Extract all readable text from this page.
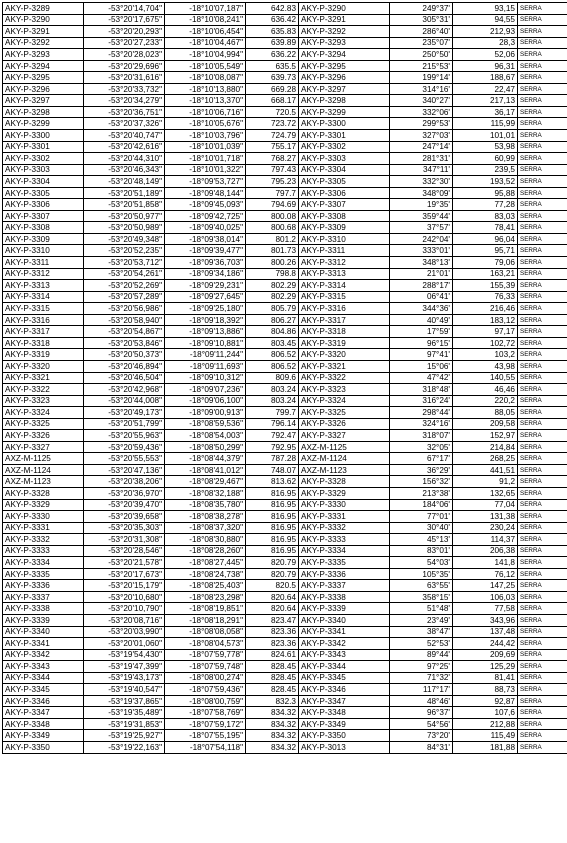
AKY-P-3289	-53°20'14,704"	-18°10'07,187"	642.83	AKY-P-3290	249°37'	93,15	SERRA
AKY-P-3290	-53°20'17,675"	-18°10'08,241"	636.42	AKY-P-3291	305°31'	94,55	SERRA
AKY-P-3291	-53°20'20,293"	-18°10'06,454"	635.83	AKY-P-3292	286°40'	212,93	SERRA
AKY-P-3292	-53°20'27,233"	-18°10'04,467"	639.89	AKY-P-3293	235°07'	28,3	SERRA
AKY-P-3293	-53°20'28,023"	-18°10'04,994"	636.22	AKY-P-3294	250°50'	52,06	SERRA
AKY-P-3294	-53°20'29,696"	-18°10'05,549"	635.5	AKY-P-3295	215°53'	96,31	SERRA
AKY-P-3295	-53°20'31,616"	-18°10'08,087"	639.73	AKY-P-3296	199°14'	188,67	SERRA
AKY-P-3296	-53°20'33,732"	-18°10'13,880"	669.28	AKY-P-3297	314°16'	22,47	SERRA
AKY-P-3297	-53°20'34,279"	-18°10'13,370"	668.17	AKY-P-3298	340°27'	217,13	SERRA
AKY-P-3298	-53°20'36,751"	-18°10'06,716"	720.5	AKY-P-3299	332°06'	36,17	SERRA
AKY-P-3299	-53°20'37,326"	-18°10'05,676"	723.72	AKY-P-3300	299°53'	115,99	SERRA
AKY-P-3300	-53°20'40,747"	-18°10'03,796"	724.79	AKY-P-3301	327°03'	101,01	SERRA
AKY-P-3301	-53°20'42,616"	-18°10'01,039"	755.17	AKY-P-3302	247°14'	53,98	SERRA
AKY-P-3302	-53°20'44,310"	-18°10'01,718"	768.27	AKY-P-3303	281°31'	60,99	SERRA
AKY-P-3303	-53°20'46,343"	-18°10'01,322"	797.43	AKY-P-3304	347°11'	239,5	SERRA
AKY-P-3304	-53°20'48,149"	-18°09'53,727"	795.23	AKY-P-3305	332°30'	193,52	SERRA
AKY-P-3305	-53°20'51,189"	-18°09'48,144"	797.7	AKY-P-3306	348°09'	95,88	SERRA
AKY-P-3306	-53°20'51,858"	-18°09'45,093"	794.69	AKY-P-3307	19°35'	77,28	SERRA
AKY-P-3307	-53°20'50,977"	-18°09'42,725"	800.08	AKY-P-3308	359°44'	83,03	SERRA
AKY-P-3308	-53°20'50,989"	-18°09'40,025"	800.68	AKY-P-3309	37°57'	78,41	SERRA
AKY-P-3309	-53°20'49,348"	-18°09'38,014"	801.2	AKY-P-3310	242°04'	96,04	SERRA
AKY-P-3310	-53°20'52,235"	-18°09'39,477"	801.73	AKY-P-3311	333°01'	95,71	SERRA
AKY-P-3311	-53°20'53,712"	-18°09'36,703"	800.26	AKY-P-3312	348°13'	79,06	SERRA
AKY-P-3312	-53°20'54,261"	-18°09'34,186"	798.8	AKY-P-3313	21°01'	163,21	SERRA
AKY-P-3313	-53°20'52,269"	-18°09'29,231"	802.29	AKY-P-3314	288°17'	155,39	SERRA
AKY-P-3314	-53°20'57,289"	-18°09'27,645"	802.29	AKY-P-3315	06°41'	76,33	SERRA
AKY-P-3315	-53°20'56,986"	-18°09'25,180"	805.79	AKY-P-3316	344°36'	216,46	SERRA
AKY-P-3316	-53°20'58,940"	-18°09'18,392"	806.27	AKY-P-3317	40°49'	183,12	SERRA
AKY-P-3317	-53°20'54,867"	-18°09'13,886"	804.86	AKY-P-3318	17°59'	97,17	SERRA
AKY-P-3318	-53°20'53,846"	-18°09'10,881"	803.45	AKY-P-3319	96°15'	102,72	SERRA
AKY-P-3319	-53°20'50,373"	-18°09'11,244"	806.52	AKY-P-3320	97°41'	103,2	SERRA
AKY-P-3320	-53°20'46,894"	-18°09'11,693"	806.52	AKY-P-3321	15°06'	43,98	SERRA
AKY-P-3321	-53°20'46,504"	-18°09'10,312"	809.6	AKY-P-3322	47°42'	140,55	SERRA
AKY-P-3322	-53°20'42,968"	-18°09'07,236"	803.24	AKY-P-3323	318°48'	46,46	SERRA
AKY-P-3323	-53°20'44,008"	-18°09'06,100"	803.24	AKY-P-3324	316°24'	220,2	SERRA
AKY-P-3324	-53°20'49,173"	-18°09'00,913"	799.7	AKY-P-3325	298°44'	88,05	SERRA
AKY-P-3325	-53°20'51,799"	-18°08'59,536"	796.14	AKY-P-3326	324°16'	209,58	SERRA
AKY-P-3326	-53°20'55,963"	-18°08'54,003"	792.47	AKY-P-3327	318°07'	152,97	SERRA
AKY-P-3327	-53°20'59,436"	-18°08'50,299"	792.95	AXZ-M-1125	32°05'	214,84	SERRA
AXZ-M-1125	-53°20'55,553"	-18°08'44,379"	787.28	AXZ-M-1124	67°17'	268,25	SERRA
AXZ-M-1124	-53°20'47,136"	-18°08'41,012"	748.07	AXZ-M-1123	36°29'	441,51	SERRA
AXZ-M-1123	-53°20'38,206"	-18°08'29,467"	813.62	AKY-P-3328	156°32'	91,2	SERRA
AKY-P-3328	-53°20'36,970"	-18°08'32,188"	816.95	AKY-P-3329	213°38'	132,65	SERRA
AKY-P-3329	-53°20'39,470"	-18°08'35,780"	816.95	AKY-P-3330	184°06'	77,04	SERRA
AKY-P-3330	-53°20'39,658"	-18°08'38,278"	816.95	AKY-P-3331	77°01'	131,38	SERRA
AKY-P-3331	-53°20'35,303"	-18°08'37,320"	816.95	AKY-P-3332	30°40'	230,24	SERRA
AKY-P-3332	-53°20'31,308"	-18°08'30,880"	816.95	AKY-P-3333	45°13'	114,37	SERRA
AKY-P-3333	-53°20'28,546"	-18°08'28,260"	816.95	AKY-P-3334	83°01'	206,38	SERRA
AKY-P-3334	-53°20'21,578"	-18°08'27,445"	820.79	AKY-P-3335	54°03'	141,8	SERRA
AKY-P-3335	-53°20'17,673"	-18°08'24,738"	820.79	AKY-P-3336	105°35'	76,12	SERRA
AKY-P-3336	-53°20'15,179"	-18°08'25,403"	820.5	AKY-P-3337	63°55'	147,25	SERRA
AKY-P-3337	-53°20'10,680"	-18°08'23,298"	820.64	AKY-P-3338	358°15'	106,03	SERRA
AKY-P-3338	-53°20'10,790"	-18°08'19,851"	820.64	AKY-P-3339	51°48'	77,58	SERRA
AKY-P-3339	-53°20'08,716"	-18°08'18,291"	823.47	AKY-P-3340	23°49'	343,96	SERRA
AKY-P-3340	-53°20'03,990"	-18°08'08,058"	823.36	AKY-P-3341	38°47'	137,48	SERRA
AKY-P-3341	-53°20'01,060"	-18°08'04,573"	823.36	AKY-P-3342	52°53'	244,42	SERRA
AKY-P-3342	-53°19'54,430"	-18°07'59,778"	824.61	AKY-P-3343	89°44'	209,69	SERRA
AKY-P-3343	-53°19'47,399"	-18°07'59,748"	828.45	AKY-P-3344	97°25'	125,29	SERRA
AKY-P-3344	-53°19'43,173"	-18°08'00,274"	828.45	AKY-P-3345	71°32'	81,41	SERRA
AKY-P-3345	-53°19'40,547"	-18°07'59,436"	828.45	AKY-P-3346	117°17'	88,73	SERRA
AKY-P-3346	-53°19'37,865"	-18°08'00,759"	832.3	AKY-P-3347	48°46'	92,87	SERRA
AKY-P-3347	-53°19'35,489"	-18°07'58,769"	834.32	AKY-P-3348	96°37'	107,6	SERRA
AKY-P-3348	-53°19'31,853"	-18°07'59,172"	834.32	AKY-P-3349	54°56'	212,88	SERRA
AKY-P-3349	-53°19'25,927"	-18°07'55,195"	834.32	AKY-P-3350	73°20'	115,49	SERRA
AKY-P-3350	-53°19'22,163"	-18°07'54,118"	834.32	AKY-P-3013	84°31'	181,88	SERRA
